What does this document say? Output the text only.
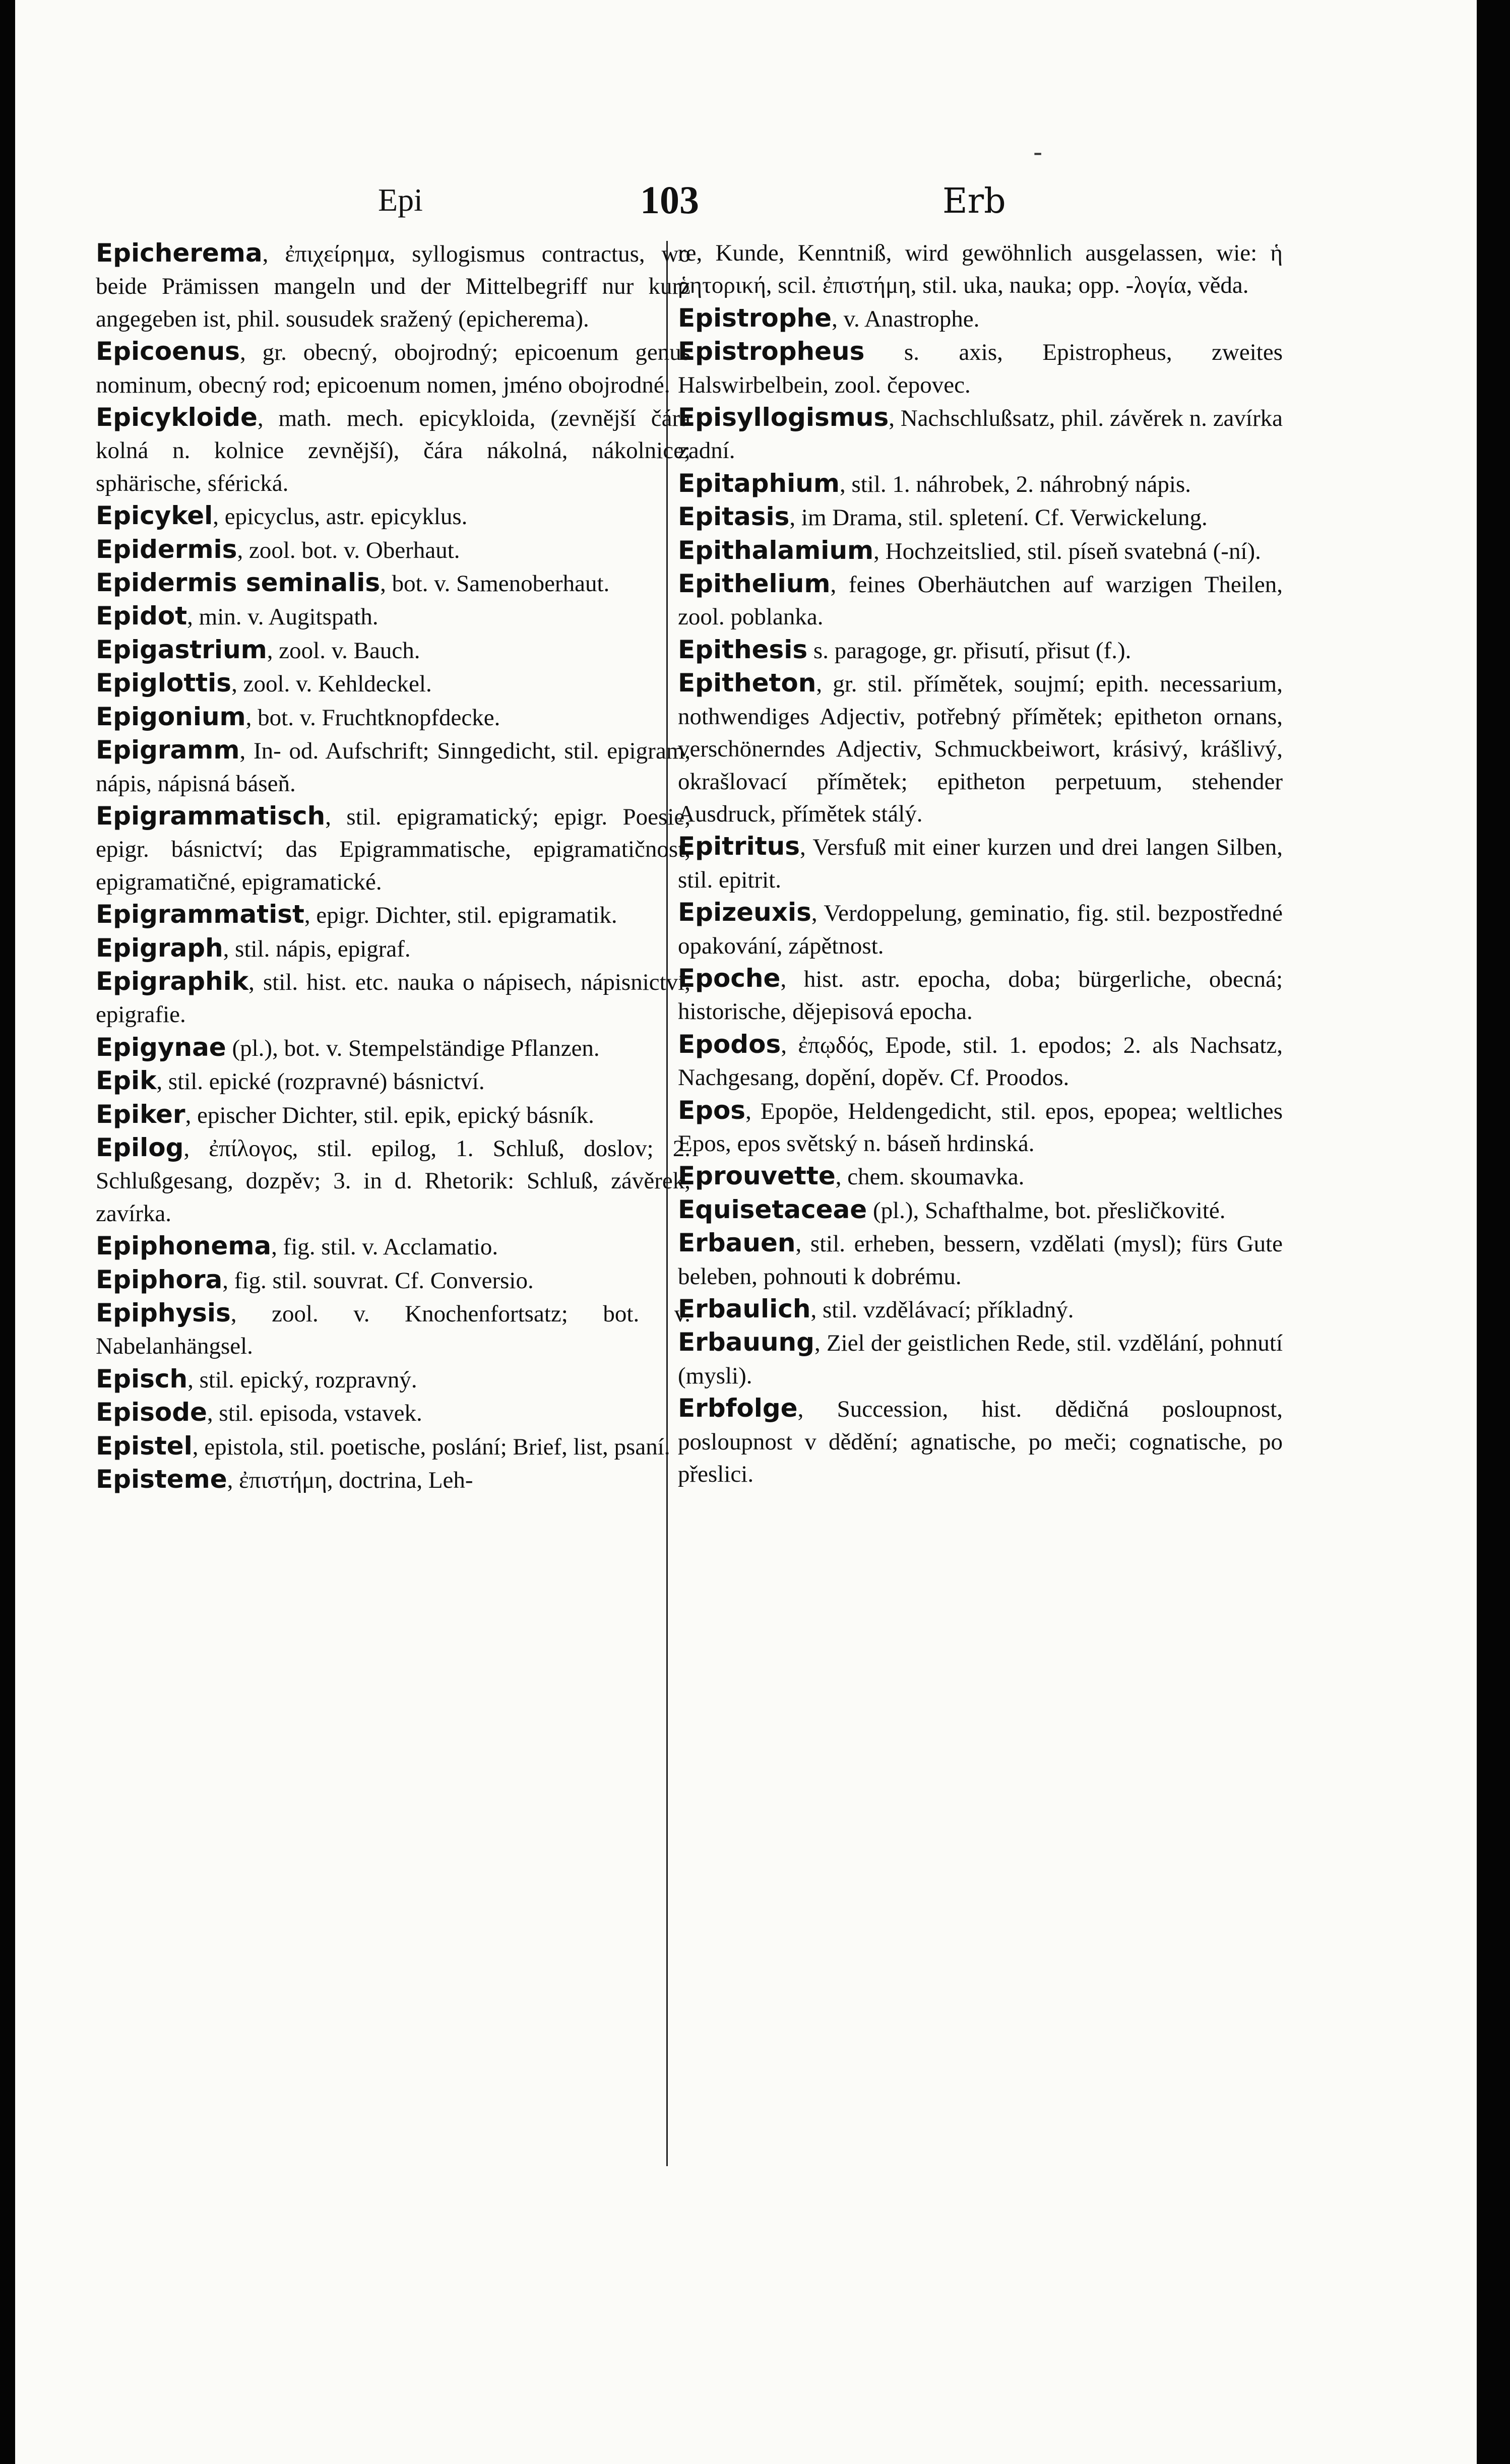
-
Epi	103	Erb

Epicherema, ἐπιχείρημα, syllogismus contractus, wo beide Prämissen mangeln und der Mittelbegriff nur kurz angegeben ist, phil. sousudek sražený (epicherema).

Epicoenus, gr. obecný, obojrodný; epicoenum genus nominum, obecný rod; epicoenum nomen, jméno obojrodné.

Epicykloide, math. mech. epicykloida, (zevnější čára kolná n. kolnice zevnější), čára nákolná, nákolnice; sphärische, sférická.

Epicykel, epicyclus, astr. epicyklus.

Epidermis, zool. bot. v. Oberhaut.

Epidermis seminalis, bot. v. Samenoberhaut.

Epidot, min. v. Augitspath.

Epigastrium, zool. v. Bauch.

Epiglottis, zool. v. Kehldeckel.

Epigonium, bot. v. Fruchtknopfdecke.

Epigramm, In- od. Aufschrift; Sinngedicht, stil. epigram, nápis, nápisná báseň.

Epigrammatisch, stil. epigramatický; epigr. Poesie, epigr. básnictví; das Epigrammatische, epigramatičnost, epigramatičné, epigramatické.

Epigrammatist, epigr. Dichter, stil. epigramatik.

Epigraph, stil. nápis, epigraf.

Epigraphik, stil. hist. etc. nauka o nápisech, nápisnictví, epigrafie.

Epigynae (pl.), bot. v. Stempelständige Pflanzen.

Epik, stil. epické (rozpravné) básnictví.

Epiker, epischer Dichter, stil. epik, epický básník.

Epilog, ἐπίλογος, stil. epilog, 1. Schluß, doslov; 2. Schlußgesang, dozpěv; 3. in d. Rhetorik: Schluß, závěrek, zavírka.

Epiphonema, fig. stil. v. Acclamatio.

Epiphora, fig. stil. souvrat. Cf. Conversio.

Epiphysis, zool. v. Knochenfortsatz; bot. v. Nabelanhängsel.

Episch, stil. epický, rozpravný.

Episode, stil. episoda, vstavek.

Epistel, epistola, stil. poetische, poslání; Brief, list, psaní.

Episteme, ἐπιστήμη, doctrina, Leh-

re, Kunde, Kenntniß, wird gewöhnlich ausgelassen, wie: ἡ ῥητορική, scil. ἐπιστήμη, stil. uka, nauka; opp. -λογία, věda.

Epistrophe, v. Anastrophe.

Epistropheus s. axis, Epistropheus, zweites Halswirbelbein, zool. čepovec.

Episyllogismus, Nachschlußsatz, phil. závěrek n. zavírka zadní.

Epitaphium, stil. 1. náhrobek, 2. náhrobný nápis.

Epitasis, im Drama, stil. spletení. Cf. Verwickelung.

Epithalamium, Hochzeitslied, stil. píseň svatebná (-ní).

Epithelium, feines Oberhäutchen auf warzigen Theilen, zool. poblanka.

Epithesis s. paragoge, gr. přisutí, přisut (f.).

Epitheton, gr. stil. přímětek, soujmí; epith. necessarium, nothwendiges Adjectiv, potřebný přímětek; epitheton ornans, verschönerndes Adjectiv, Schmuckbeiwort, krásivý, krášlivý, okrašlovací přímětek; epitheton perpetuum, stehender Ausdruck, přímětek stálý.

Epitritus, Versfuß mit einer kurzen und drei langen Silben, stil. epitrit.

Epizeuxis, Verdoppelung, geminatio, fig. stil. bezpostředné opakování, zápětnost.

Epoche, hist. astr. epocha, doba; bürgerliche, obecná; historische, dějepisová epocha.

Epodos, ἐπῳδός, Epode, stil. 1. epodos; 2. als Nachsatz, Nachgesang, dopění, dopěv. Cf. Proodos.

Epos, Epopöe, Heldengedicht, stil. epos, epopea; weltliches Epos, epos světský n. báseň hrdinská.

Eprouvette, chem. skoumavka.

Equisetaceae (pl.), Schafthalme, bot. přesličkovité.

Erbauen, stil. erheben, bessern, vzdělati (mysl); fürs Gute beleben, pohnouti k dobrému.

Erbaulich, stil. vzdělávací; příkladný.

Erbauung, Ziel der geistlichen Rede, stil. vzdělání, pohnutí (mysli).

Erbfolge, Succession, hist. dědičná posloupnost, posloupnost v dědění; agnatische, po meči; cognatische, po přeslici.
